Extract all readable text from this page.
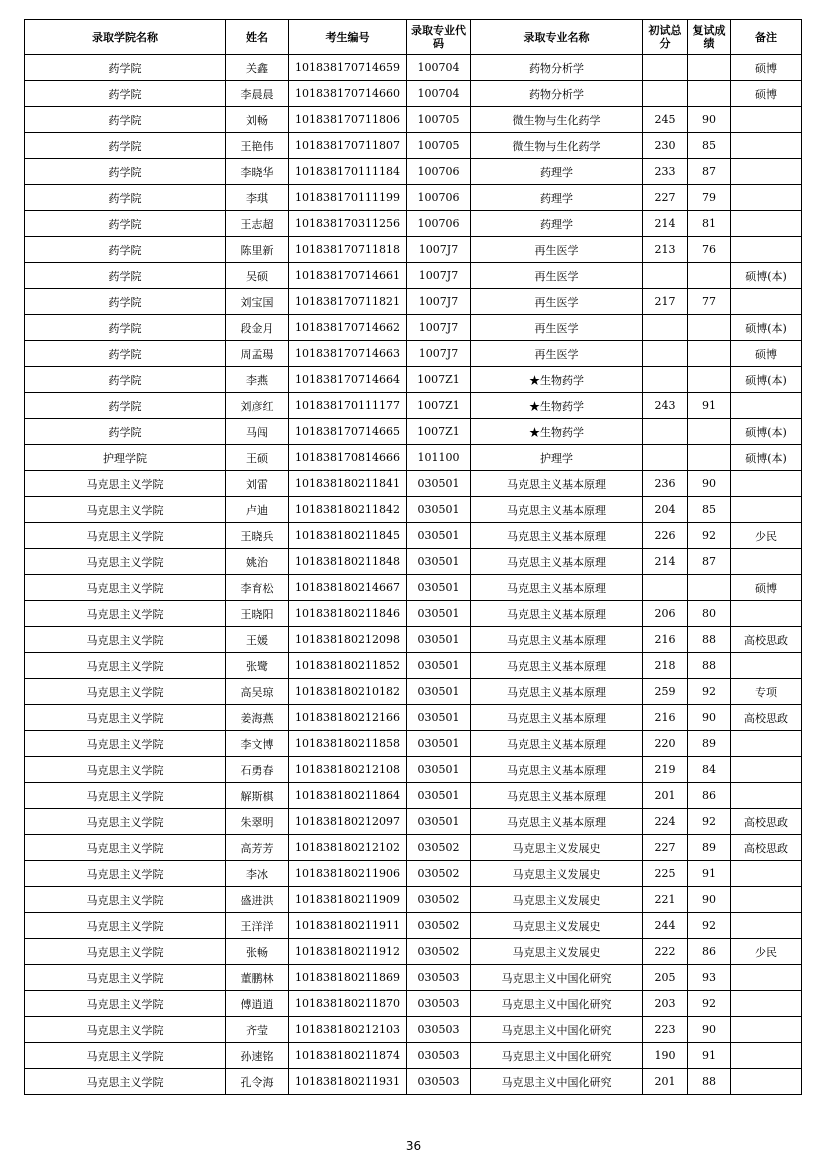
录取学院名称	姓名	考生编号	录取专业代码	录取专业名称	初试总分	复试成绩	备注
药学院	关鑫	101838170714659	100704	药物分析学			硕博
药学院	李晨晨	101838170714660	100704	药物分析学			硕博
药学院	刘畅	101838170711806	100705	微生物与生化药学	245	90	
药学院	王艳伟	101838170711807	100705	微生物与生化药学	230	85	
药学院	李晓华	101838170111184	100706	药理学	233	87	
药学院	李琪	101838170111199	100706	药理学	227	79	
药学院	王志超	101838170311256	100706	药理学	214	81	
药学院	陈里新	101838170711818	1007J7	再生医学	213	76	
药学院	吴硕	101838170714661	1007J7	再生医学			硕博(本)
药学院	刘宝国	101838170711821	1007J7	再生医学	217	77	
药学院	段金月	101838170714662	1007J7	再生医学			硕博(本)
药学院	周孟瑒	101838170714663	1007J7	再生医学			硕博
药学院	李燕	101838170714664	1007Z1	★生物药学			硕博(本)
药学院	刘彦红	101838170111177	1007Z1	★生物药学	243	91	
药学院	马闯	101838170714665	1007Z1	★生物药学			硕博(本)
护理学院	王硕	101838170814666	101100	护理学			硕博(本)
马克思主义学院	刘雷	101838180211841	030501	马克思主义基本原理	236	90	
马克思主义学院	卢迪	101838180211842	030501	马克思主义基本原理	204	85	
马克思主义学院	王晓兵	101838180211845	030501	马克思主义基本原理	226	92	少民
马克思主义学院	姚治	101838180211848	030501	马克思主义基本原理	214	87	
马克思主义学院	李育松	101838180214667	030501	马克思主义基本原理			硕博
马克思主义学院	王晓阳	101838180211846	030501	马克思主义基本原理	206	80	
马克思主义学院	王媛	101838180212098	030501	马克思主义基本原理	216	88	高校思政
马克思主义学院	张鹭	101838180211852	030501	马克思主义基本原理	218	88	
马克思主义学院	高吴琼	101838180210182	030501	马克思主义基本原理	259	92	专项
马克思主义学院	姜海燕	101838180212166	030501	马克思主义基本原理	216	90	高校思政
马克思主义学院	李文博	101838180211858	030501	马克思主义基本原理	220	89	
马克思主义学院	石勇春	101838180212108	030501	马克思主义基本原理	219	84	
马克思主义学院	解斯棋	101838180211864	030501	马克思主义基本原理	201	86	
马克思主义学院	朱翠明	101838180212097	030501	马克思主义基本原理	224	92	高校思政
马克思主义学院	高芳芳	101838180212102	030502	马克思主义发展史	227	89	高校思政
马克思主义学院	李冰	101838180211906	030502	马克思主义发展史	225	91	
马克思主义学院	盛进洪	101838180211909	030502	马克思主义发展史	221	90	
马克思主义学院	王洋洋	101838180211911	030502	马克思主义发展史	244	92	
马克思主义学院	张畅	101838180211912	030502	马克思主义发展史	222	86	少民
马克思主义学院	董鹏林	101838180211869	030503	马克思主义中国化研究	205	93	
马克思主义学院	傅逍逍	101838180211870	030503	马克思主义中国化研究	203	92	
马克思主义学院	齐莹	101838180212103	030503	马克思主义中国化研究	223	90	
马克思主义学院	孙速铭	101838180211874	030503	马克思主义中国化研究	190	91	
马克思主义学院	孔令海	101838180211931	030503	马克思主义中国化研究	201	88	
36
